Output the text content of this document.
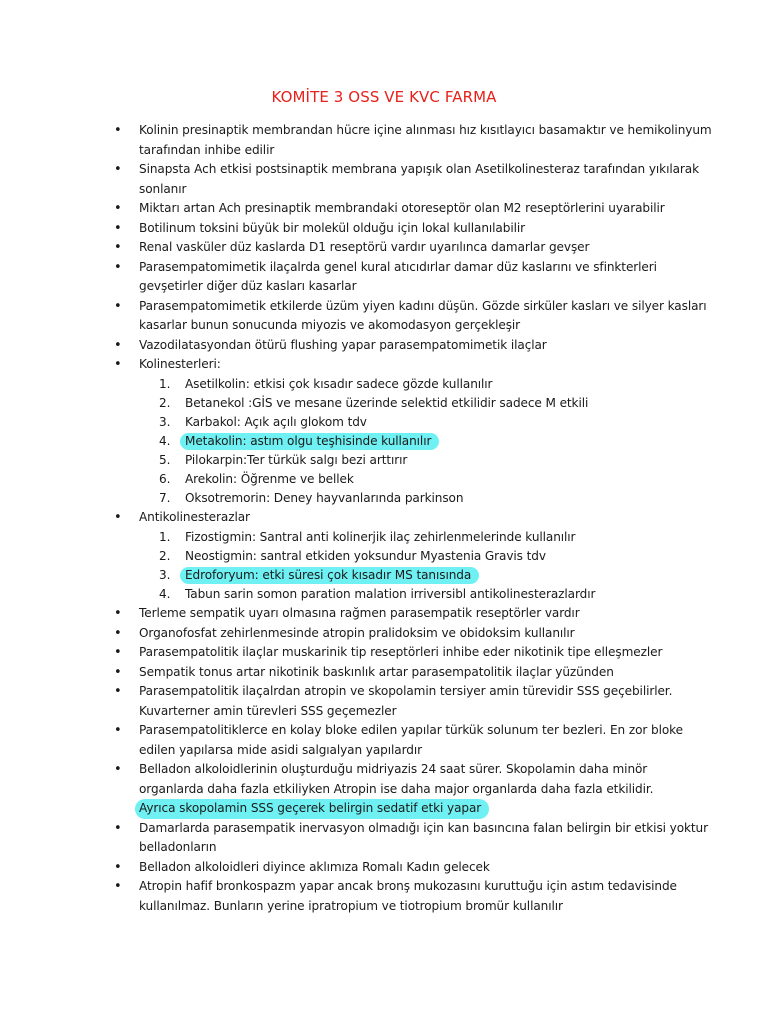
KOMİTE 3 OSS VE KVC FARMA
•	Kolinin presinaptik membrandan hücre içine alınması hız kısıtlayıcı basamaktır ve hemikolinyum tarafından inhibe edilir
•	Sinapsta Ach etkisi postsinaptik membrana yapışık olan Asetilkolinesteraz tarafından yıkılarak sonlanır
•	Miktarı artan Ach presinaptik membrandaki otoreseptör olan M2 reseptörlerini uyarabilir
•	Botilinum toksini büyük bir molekül olduğu için lokal kullanılabilir
•	Renal vasküler düz kaslarda D1 reseptörü vardır uyarılınca damarlar gevşer
•	Parasempatomimetik ilaçalrda genel kural atıcıdırlar damar düz kaslarını ve sfinkterleri gevşetirler diğer düz kasları kasarlar
•	Parasempatomimetik etkilerde üzüm yiyen kadını düşün. Gözde sirküler kasları ve silyer kasları kasarlar bunun sonucunda miyozis ve akomodasyon gerçekleşir
•	Vazodilatasyondan ötürü flushing yapar parasempatomimetik ilaçlar
•	Kolinesterleri:
1.	Asetilkolin: etkisi çok kısadır sadece gözde kullanılır
2.	Betanekol :GİS ve mesane üzerinde selektid etkilidir sadece M etkili
3.	Karbakol: Açık açılı glokom tdv
4.	Metakolin: astım olgu teşhisinde kullanılır
5.	Pilokarpin:Ter türkük salgı bezi arttırır
6.	Arekolin: Öğrenme ve bellek
7.	Oksotremorin: Deney hayvanlarında parkinson
•	Antikolinesterazlar
1.	Fizostigmin: Santral anti kolinerjik ilaç zehirlenmelerinde kullanılır
2.	Neostigmin: santral etkiden yoksundur Myastenia Gravis tdv
3.	Edroforyum: etki süresi çok kısadır MS tanısında
4.	Tabun sarin somon paration malation irriversibl antikolinesterazlardır
•	Terleme sempatik uyarı olmasına rağmen parasempatik reseptörler vardır
•	Organofosfat zehirlenmesinde atropin pralidoksim ve obidoksim kullanılır
•	Parasempatolitik ilaçlar muskarinik tip reseptörleri inhibe eder nikotinik tipe elleşmezler
•	Sempatik tonus artar nikotinik baskınlık artar parasempatolitik ilaçlar yüzünden
•	Parasempatolitik ilaçalrdan atropin ve skopolamin tersiyer amin türevidir SSS geçebilirler. Kuvarterner amin türevleri SSS geçemezler
•	Parasempatolitiklerce en kolay bloke edilen yapılar türkük solunum ter bezleri. En zor bloke edilen yapılarsa mide asidi salgıalyan yapılardır
•	Belladon alkoloidlerinin oluşturduğu midriyazis 24 saat sürer. Skopolamin daha minör
organlarda daha fazla etkiliyken Atropin ise daha major organlarda daha fazla etkilidir.
Ayrıca skopolamin SSS geçerek belirgin sedatif etki yapar
•	Damarlarda parasempatik inervasyon olmadığı için kan basıncına falan belirgin bir etkisi yoktur belladonların
•	Belladon alkoloidleri diyince aklımıza Romalı Kadın gelecek
•	Atropin hafif bronkospazm yapar ancak bronş mukozasını kuruttuğu için astım tedavisinde kullanılmaz. Bunların yerine ipratropium ve tiotropium bromür kullanılır
